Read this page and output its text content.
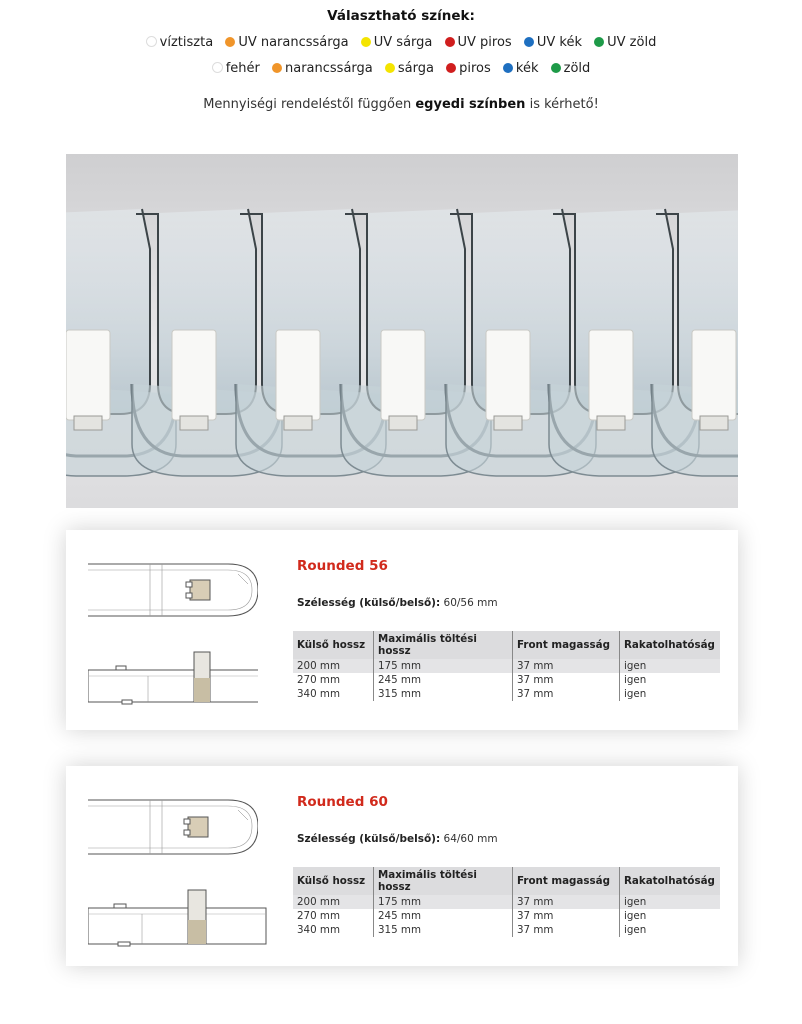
Választható színek:
víztiszta UV narancssárga UV sárga UV piros UV kék UV zöld
fehér narancssárga sárga piros kék zöld
Mennyiségi rendeléstől függően egyedi színben is kérhető!
Rounded 56
Szélesség (külső/belső): 60/56 mm
Külső hossz	Maximális töltési hossz	Front magasság	Rakatolhatóság
200 mm	175 mm	37 mm	igen
270 mm	245 mm	37 mm	igen
340 mm	315 mm	37 mm	igen
Rounded 60
Szélesség (külső/belső): 64/60 mm
Külső hossz	Maximális töltési hossz	Front magasság	Rakatolhatóság
200 mm	175 mm	37 mm	igen
270 mm	245 mm	37 mm	igen
340 mm	315 mm	37 mm	igen
